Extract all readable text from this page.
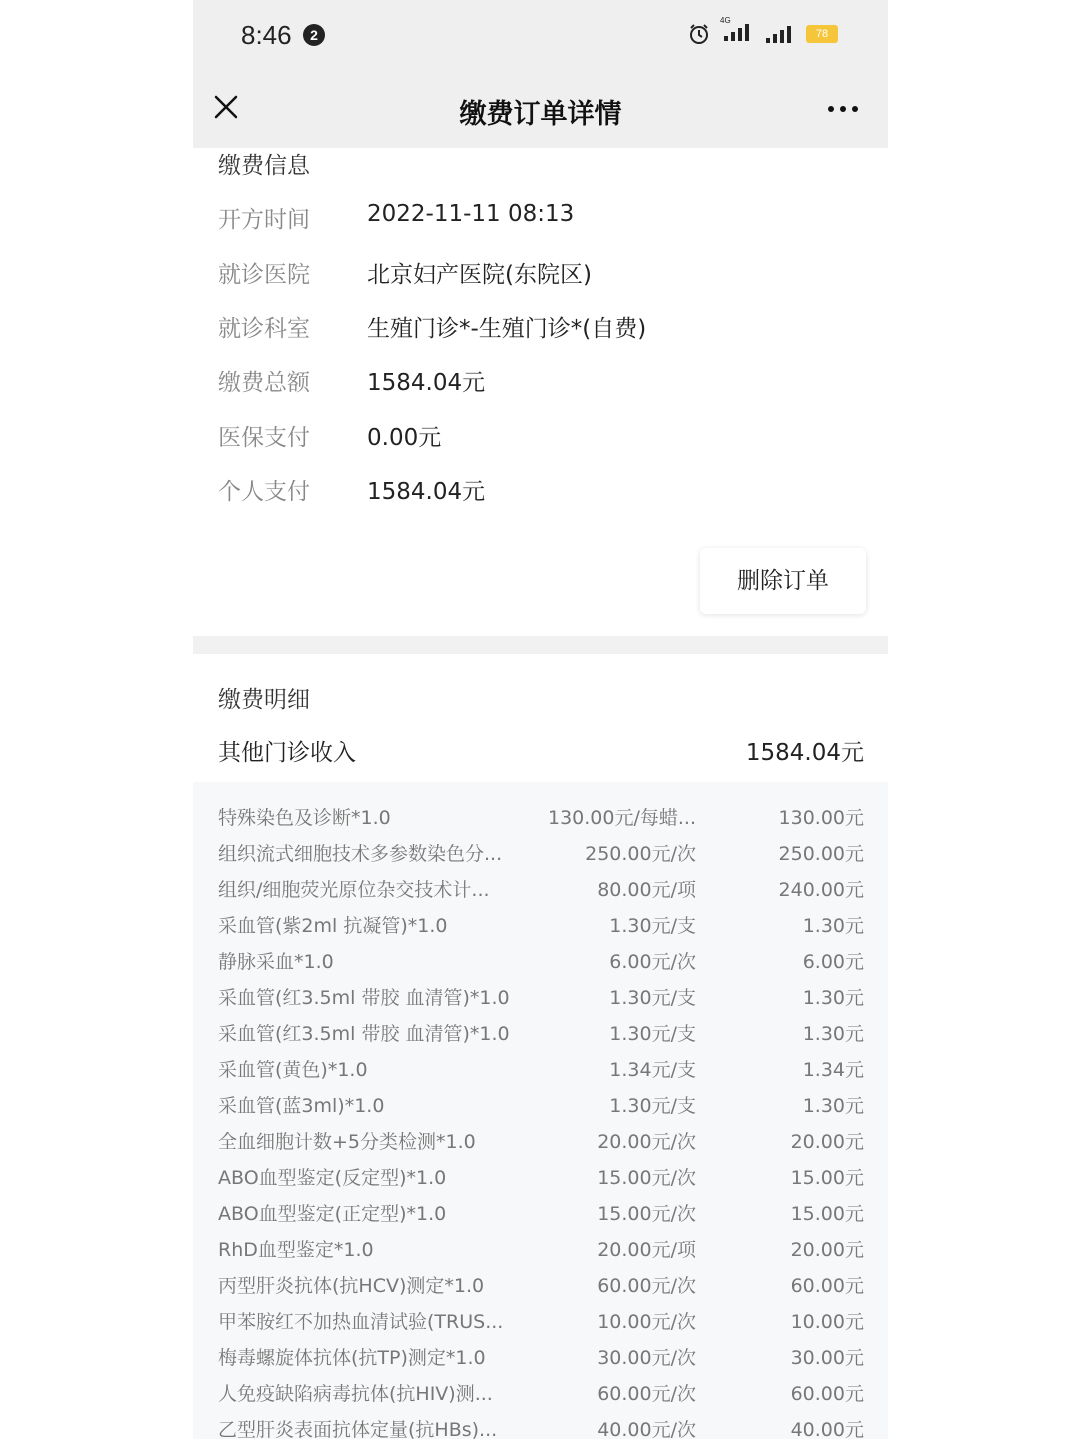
8:46	2
4G
78
缴费订单详情
缴费信息
开方时间 2022-11-11 08:13
就诊医院 北京妇产医院(东院区)
就诊科室 生殖门诊*-生殖门诊*(自费)
缴费总额 1584.04元
医保支付 0.00元
个人支付 1584.04元
删除订单
缴费明细
其他门诊收入	1584.04元
特殊染色及诊断*1.0	130.00元/每蜡...	130.00元
组织流式细胞技术多参数染色分...	250.00元/次	250.00元
组织/细胞荧光原位杂交技术计...	80.00元/项	240.00元
采血管(紫2ml 抗凝管)*1.0	1.30元/支	1.30元
静脉采血*1.0	6.00元/次	6.00元
采血管(红3.5ml 带胶 血清管)*1.0	1.30元/支	1.30元
采血管(红3.5ml 带胶 血清管)*1.0	1.30元/支	1.30元
采血管(黄色)*1.0	1.34元/支	1.34元
采血管(蓝3ml)*1.0	1.30元/支	1.30元
全血细胞计数+5分类检测*1.0	20.00元/次	20.00元
ABO血型鉴定(反定型)*1.0	15.00元/次	15.00元
ABO血型鉴定(正定型)*1.0	15.00元/次	15.00元
RhD血型鉴定*1.0	20.00元/项	20.00元
丙型肝炎抗体(抗HCV)测定*1.0	60.00元/次	60.00元
甲苯胺红不加热血清试验(TRUS...	10.00元/次	10.00元
梅毒螺旋体抗体(抗TP)测定*1.0	30.00元/次	30.00元
人免疫缺陷病毒抗体(抗HIV)测...	60.00元/次	60.00元
乙型肝炎表面抗体定量(抗HBs)...	40.00元/次	40.00元
